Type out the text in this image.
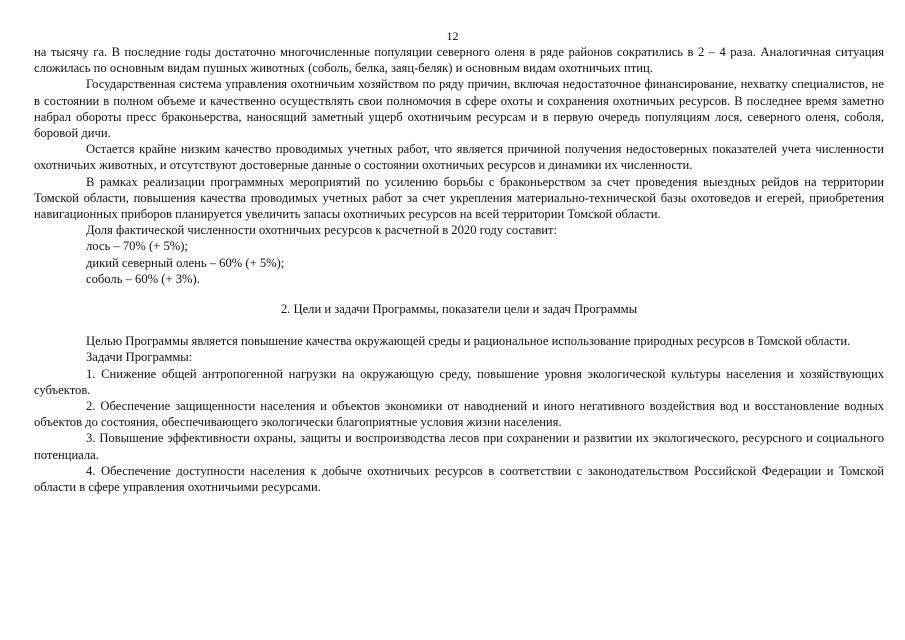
12

на тысячу га. В последние годы достаточно многочисленные популяции северного оленя в ряде районов сократились в 2 – 4 раза. Аналогичная ситуация сложилась по основным видам пушных животных (соболь, белка, заяц-беляк) и основным видам охотничьих птиц.

Государственная система управления охотничьим хозяйством по ряду причин, включая недостаточное финансирование, нехватку специалистов, не в состоянии в полном объеме и качественно осуществлять свои полномочия в сфере охоты и сохранения охотничьих ресурсов. В последнее время заметно набрал обороты пресс браконьерства, наносящий заметный ущерб охотничьим ресурсам и в первую очередь популяциям лося, северного оленя, соболя, боровой дичи.

Остается крайне низким качество проводимых учетных работ, что является причиной получения недостоверных показателей учета численности охотничьих животных, и отсутствуют достоверные данные о состоянии охотничьих ресурсов и динамики их численности.

В рамках реализации программных мероприятий по усилению борьбы с браконьерством за счет проведения выездных рейдов на территории Томской области, повышения качества проводимых учетных работ за счет укрепления материально-технической базы охотоведов и егерей, приобретения навигационных приборов планируется увеличить запасы охотничьих ресурсов на всей территории Томской области.

Доля фактической численности охотничьих ресурсов к расчетной в 2020 году составит:

лось – 70% (+ 5%);

дикий северный олень – 60% (+ 5%);

соболь – 60% (+ 3%).

2. Цели и задачи Программы, показатели цели и задач Программы

Целью Программы является повышение качества окружающей среды и рациональное использование природных ресурсов в Томской области.

Задачи Программы:

1. Снижение общей антропогенной нагрузки на окружающую среду, повышение уровня экологической культуры населения и хозяйствующих субъектов.

2. Обеспечение защищенности населения и объектов экономики от наводнений и иного негативного воздействия вод и восстановление водных объектов до состояния, обеспечивающего экологически благоприятные условия жизни населения.

3. Повышение эффективности охраны, защиты и воспроизводства лесов при сохранении и развитии их экологического, ресурсного и социального потенциала.

4. Обеспечение доступности населения к добыче охотничьих ресурсов в соответствии с законодательством Российской Федерации и Томской области в сфере управления охотничьими ресурсами.
